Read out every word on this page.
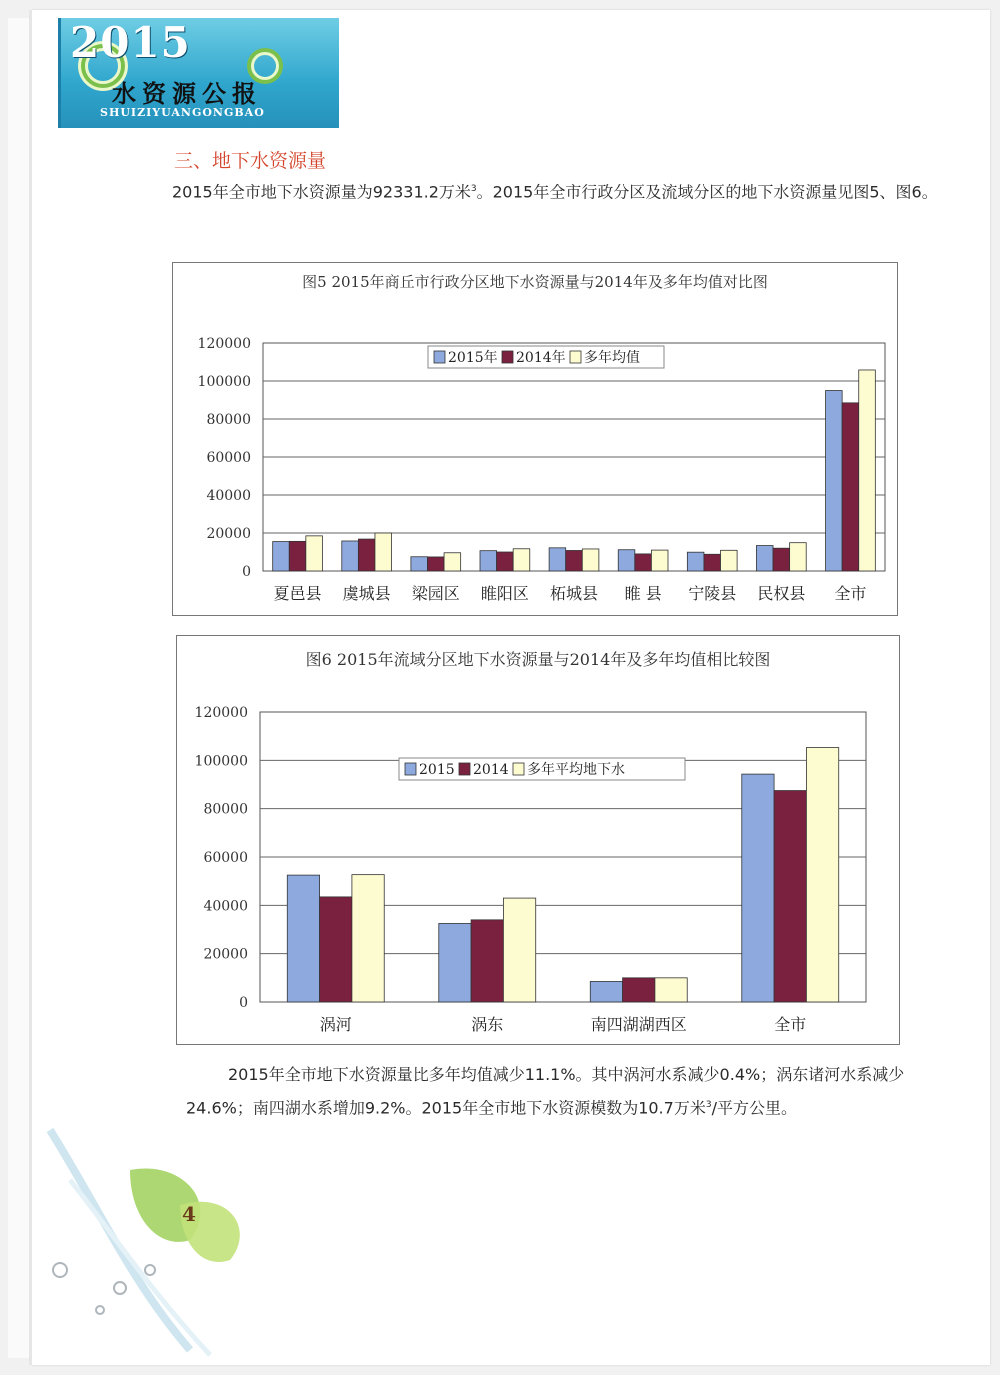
2015
水资源公报
SHUIZIYUANGONGBAO
三、地下水资源量
2015年全市地下水资源量为92331.2万米$^3$。2015年全市行政分区及流域分区的地下水资源量见图5、图6。
图5 2015年商丘市行政分区地下水资源量与2014年及多年均值对比图
0
20000
40000
60000
80000
100000
120000
夏邑县 虞城县 梁园区 睢阳区 柘城县 睢 县 宁陵县 民权县 全市
2015年 2014年 多年均值
图6 2015年流域分区地下水资源量与2014年及多年均值相比较图
0
20000
40000
60000
80000
100000
120000
涡河	涡东	南四湖湖西区	全市
2015 2014 多年平均地下水
2015年全市地下水资源量比多年均值减少11.1%。其中涡河水系减少0.4%；涡东诸河水系减少24.6%；南四湖水系增加9.2%。2015年全市地下水资源模数为10.7万米$^3$/平方公里。
4
